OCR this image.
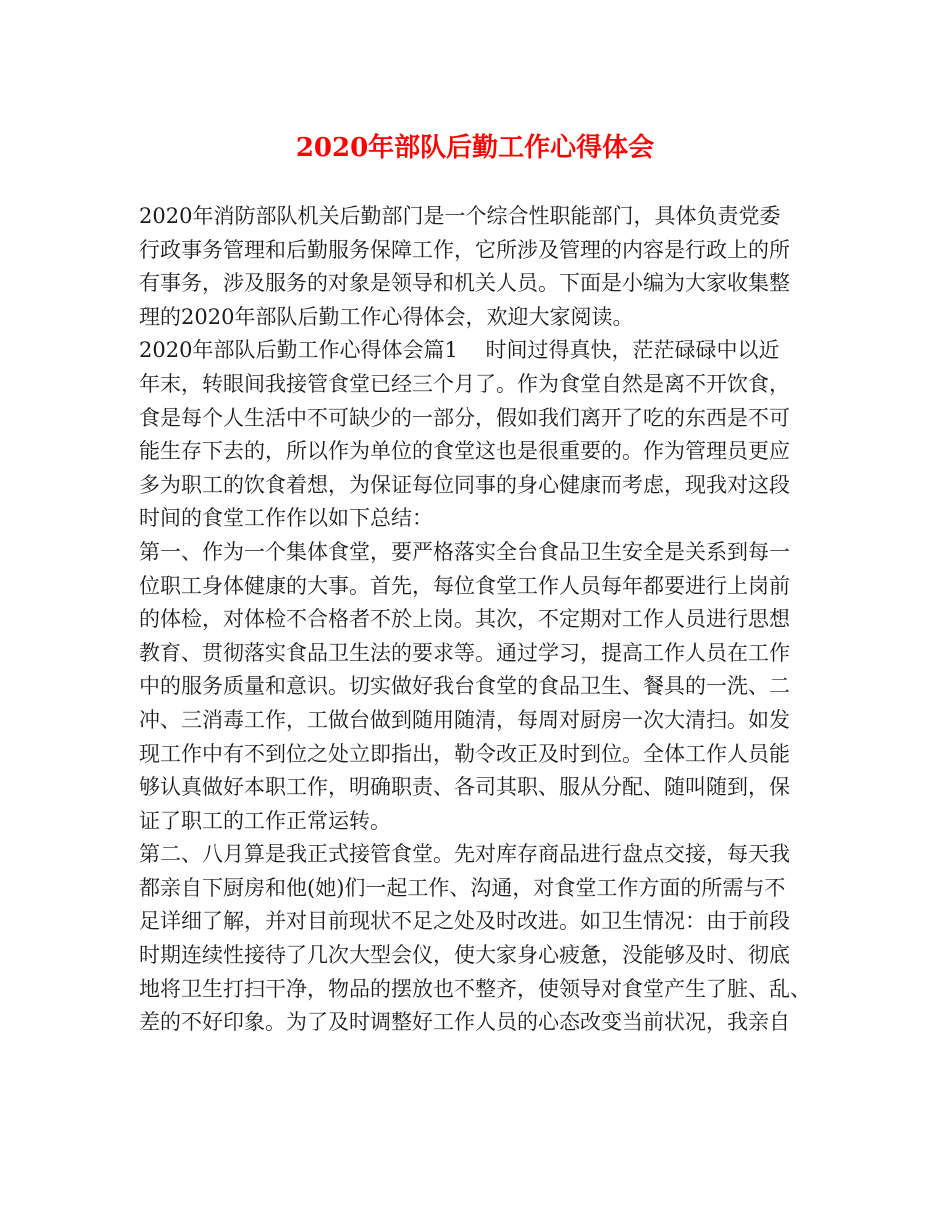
2020年部队后勤工作心得体会
2020年消防部队机关后勤部门是一个综合性职能部门，具体负责党委
行政事务管理和后勤服务保障工作，它所涉及管理的内容是行政上的所
有事务，涉及服务的对象是领导和机关人员。下面是小编为大家收集整
理的2020年部队后勤工作心得体会，欢迎大家阅读。
2020年部队后勤工作心得体会篇1　 时间过得真快，茫茫碌碌中以近
年末，转眼间我接管食堂已经三个月了。作为食堂自然是离不开饮食，
食是每个人生活中不可缺少的一部分，假如我们离开了吃的东西是不可
能生存下去的，所以作为单位的食堂这也是很重要的。作为管理员更应
多为职工的饮食着想，为保证每位同事的身心健康而考虑，现我对这段
时间的食堂工作作以如下总结：
第一、作为一个集体食堂，要严格落实全台食品卫生安全是关系到每一
位职工身体健康的大事。首先，每位食堂工作人员每年都要进行上岗前
的体检，对体检不合格者不於上岗。其次，不定期对工作人员进行思想
教育、贯彻落实食品卫生法的要求等。通过学习，提高工作人员在工作
中的服务质量和意识。切实做好我台食堂的食品卫生、餐具的一洗、二
冲、三消毒工作，工做台做到随用随清，每周对厨房一次大清扫。如发
现工作中有不到位之处立即指出，勒令改正及时到位。全体工作人员能
够认真做好本职工作，明确职责、各司其职、服从分配、随叫随到，保
证了职工的工作正常运转。
第二、八月算是我正式接管食堂。先对库存商品进行盘点交接，每天我
都亲自下厨房和他(她)们一起工作、沟通，对食堂工作方面的所需与不
足详细了解，并对目前现状不足之处及时改进。如卫生情况：由于前段
时期连续性接待了几次大型会仪，使大家身心疲惫，没能够及时、彻底
地将卫生打扫干净，物品的摆放也不整齐，使领导对食堂产生了脏、乱、
差的不好印象。为了及时调整好工作人员的心态改变当前状况，我亲自
